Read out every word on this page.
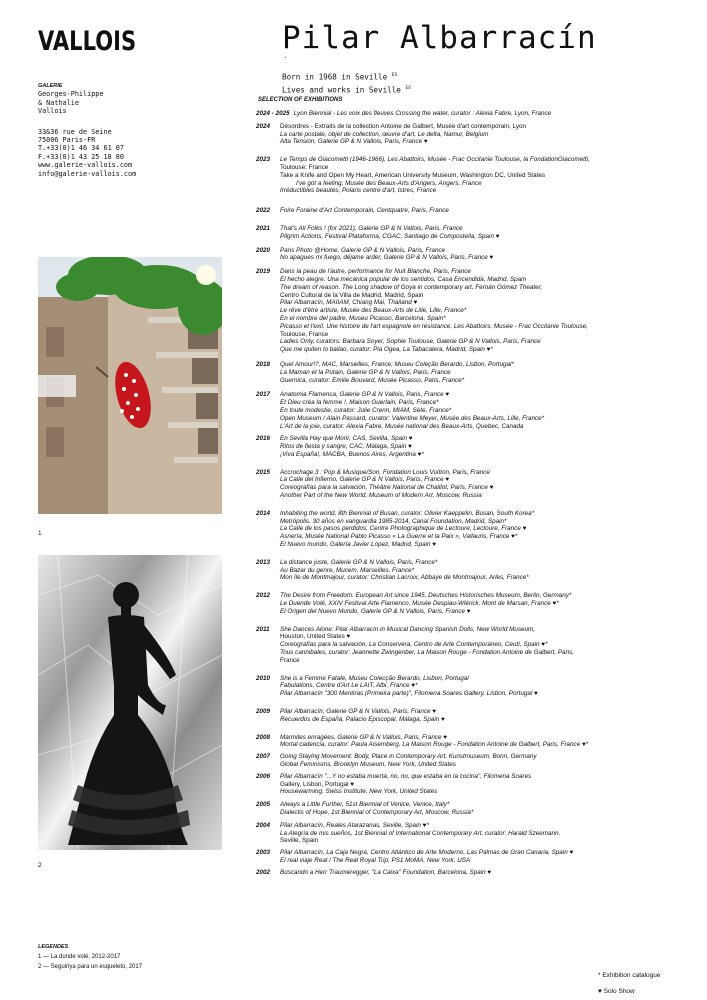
VALLOIS
GALERIE
Georges-Philippe
& Nathalie
Vallois
33&36 rue de Seine
75006 Paris-FR
T.+33(0)1 46 34 61 07
F.+33(0)1 43 25 18 80
www.galerie-vallois.com
info@galerie-vallois.com
Pilar Albarracín
`
Born in 1968 in Seville $^{ES}$
Lives and works in Seville $^{ES}$
SELECTION OF EXHIBITIONS
2024 - 2025 Lyon Biennial - Les voix des fleuves Crossing the water, curator : Alexia Fabre, Lyon, France
2024	Désordres - Extraits de la collection Antoine de Galbert, Musée d'art contemporain, Lyon
La carte postale, objet de collection, œuvre d'art, Le delta, Namur, Belgium
Alta Tensión, Galerie GP & N Vallois, Paris, France ♥
2023	Le Temps de Giacometti (1946-1966), Les Abattoirs, Musée - Frac Occitanie Toulouse, la FondationGiacometti,
Toulouse, France
Take a Knife and Open My Heart, American University Museum, Washington DC, United States
I've got a feeling, Musée des Beaux-Arts d'Angers, Angers, France
Irréductibles beautés, Polaris centre d'art, Istres, France
2022	Foire Foraine d'Art Contemporain, Centquatre, Paris, France
2021	That's All Folks ! (for 2021), Galerie GP & N Vallois, Paris, France
Pilgrim Actions, Festival Plataforma, CGAC, Santiago de Compostella, Spain ♥
2020	Paris Photo @Home, Galerie GP & N Vallois, Paris, France
No apagues mi fuego, déjame arder, Galerie GP & N Vallois, Paris, France ♥
2019	Dans la peau de l'autre, performance for Nuit Blanche, Paris, France
El hecho alegre. Una mecánica popular de los sentidos, Casa Encendida, Madrid, Spain
The dream of reason. The Long shadow of Goya in contemporary art, Fernán Gómez Theater,
Centro Cultural de la Villa de Madrid, Madrid, Spain
Pilar Albarracín, MAIIAM, Chiang Mai, Thailand ♥
Le rêve d'être artiste, Musée des Beaux-Arts de Lille, Lille, France*
En el nombre del padre, Museu Picasso, Barcelona, Spain*
Picasso et l'exil. Une histoire de l'art espagnole en résistance, Les Abattoirs, Musée - Frac Occitanie Toulouse,
Toulouse, France
Ladies Only, curators: Barbara Soyer, Sophie Toulouse, Galerie GP & N Vallois, Paris, France
Que me quiten lo bailao, curator: Pia Ogea, La Tabacalera, Madrid, Spain ♥*
2018	Quel Amour!?, MAC, Marseilles, France; Museu Coleção Berardo, Lisbon, Portugal*
La Maman et la Putain, Galerie GP & N Vallois, Paris, France
Guernica, curator: Emilie Bouvard, Musée Picasso, Paris, France*
2017	Anatomia Flamenca, Galerie GP & N Vallois, Paris, France ♥
Et Dieu créa la femme !, Maison Guerlain, Paris, France*
En toute modestie, curator: Julie Crenn, MIAM, Sète, France*
Open Museum / Alain Passard, curator: Valentine Meyer, Musée des Beaux-Arts, Lille, France*
L'Art de la joie, curator: Alexia Fabre, Musée national des Beaux-Arts, Quebec, Canada
2016	En Sevilla Hay que Morir, CAS, Sevilla, Spain ♥
Ritos de fiesta y sangre, CAC, Málaga, Spain ♥
¡Viva España!, MACBA, Buenos Aires, Argentina ♥*
2015	Accrochage 3 : Pop & Musique/Son, Fondation Louis Vuitton, Paris, France
La Calle del Infierno, Galerie GP & N Vallois, Paris, France ♥
Coreografías para la salvación, Théâtre National de Chaillot, Paris, France ♥
Another Part of the New World, Museum of Modern Art, Moscow, Russia
2014	Inhabiting the world, 8th Biennial of Busan, curator: Olivier Kaeppelin, Busan, South Korea*
Metrópolis. 30 años en vanguardia 1985-2014, Canal Foundation, Madrid, Spain*
La Calle de los pasos perdidos, Centre Photographique de Lectoure, Lectoure, France ♥
Asnería, Musée National Pablo Picasso « La Guerre et la Paix », Vallauris, France ♥*
El Nuevo mundo, Galería Javier López, Madrid, Spain ♥
2013	La distance juste, Galerie GP & N Vallois, Paris, France*
Au Bazar du genre, Mucem, Marseilles, France*
Mon île de Montmajour, curator: Christian Lacroix, Abbaye de Montmajour, Arles, France*
2012	The Desire from Freedom. European Art since 1945, Deutsches Historisches Museum, Berlin, Germany*
Le Duende Volé, XXIV Festival Arte Flamenco, Musée Despiau-Wlérick, Mont de Marsan, France ♥*
El Origen del Nuevo Mundo, Galerie GP & N Vallois, Paris, France ♥
2011	She Dances Alone: Pilar Albarracín in Musical Dancing Spanish Dolls, New World Museum,
Houston, United States ♥
Coreografías para la salvación, La Conservera, Centro de Arte Contemporáneo, Ceutí, Spain ♥*
Tous cannibales, curator: Jeannette Zwingenber, La Maison Rouge - Fondation Antoine de Galbert, Paris,
France
2010	She is a Femme Fatale, Museu Colecção Berardo, Lisbon, Portugal
Fabulations, Centre d'Art Le LAIT, Albi, France ♥*
Pilar Albarracín "300 Mentiras (Primeira parte)", Filomena Soares Gallery, Lisbon, Portugal ♥
2009	Pilar Albarracín, Galerie GP & N Vallois, Paris, France ♥
Recuerdos de España, Palacio Episcopal, Málaga, Spain ♥
2008	Marmites enragées, Galerie GP & N Vallois, Paris, France ♥
Mortal cadencia, curator: Paula Aisemberg, La Maison Rouge - Fondation Antoine de Galbert, Paris, France ♥*
2007	Going Staying Movement: Body, Place in Contemporary Art, Kunstmuseum, Bonn, Germany
Global Feminisms, Brooklyn Museum, New York, United States
2006	Pilar Albarracín "...Y no estaba muerta, no, no, que estaba en la cocina", Filomena Soares
Gallery, Lisbon, Portugal ♥
Housewarming, Swiss Institute, New York, United States
2005	Always a Little Further, 51st Biennial of Venice, Venice, Italy*
Dialectis of Hope, 1st Biennial of Contemporary Art, Moscow, Russia*
2004	Pilar Albarracín, Reales Atarazanas, Seville, Spain ♥*
La Alegría de mis sueños, 1st Biennial of International Contemporary Art, curator: Harald Szeemann,
Seville, Spain
2003	Pilar Albarracín, La Caja Negra, Centro Atlántico de Arte Moderno, Las Palmas de Gran Canaria, Spain ♥
El real viaje Real / The Real Royal Trip, PS1 MoMA, New York, USA
2002	Buscando a Herr Traumeregger, "La Caixa" Foundation, Barcelona, Spain ♥
1
2
LEGENDES
1 — La dunde volé, 2012-2017
2 — Seguiriya para un esqueleto, 2017
* Exhibition catalogue
♥ Solo Show
